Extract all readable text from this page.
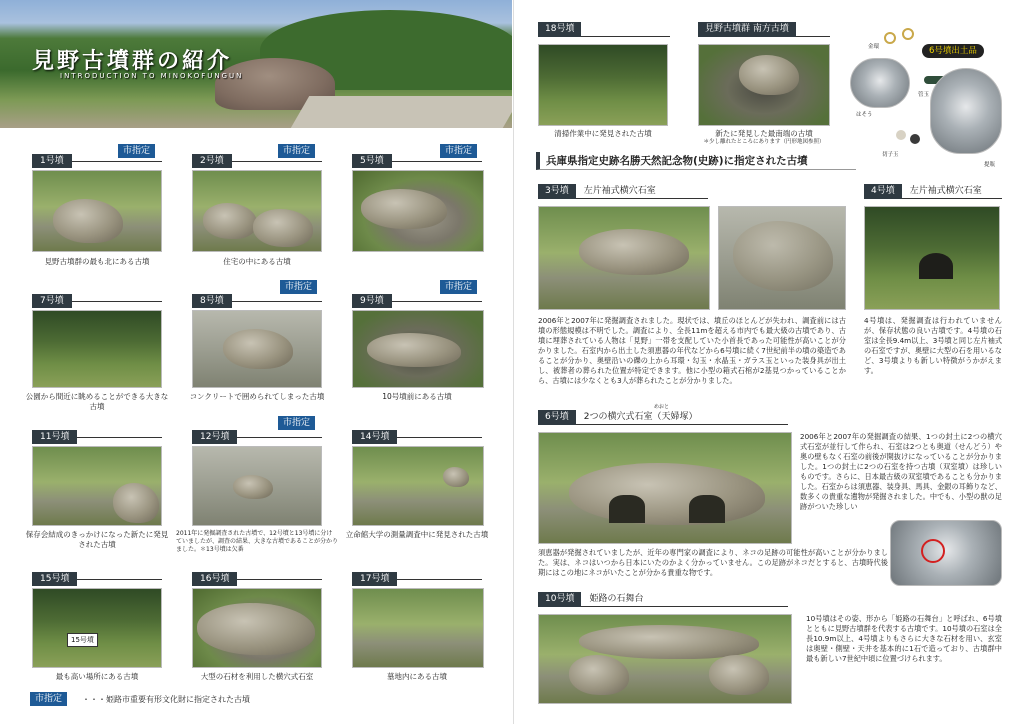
見野古墳群の紹介
INTRODUCTION TO MINOKOFUNGUN
1号墳
市指定
見野古墳群の最も北にある古墳
2号墳
市指定
住宅の中にある古墳
5号墳
市指定
7号墳
公園から間近に眺めることができる大きな古墳
8号墳
市指定
コンクリートで囲められてしまった古墳
9号墳
市指定
10号墳前にある古墳
11号墳
保存会結成のきっかけになった新たに発見された古墳
12号墳
市指定
2011年に発掘調査された古墳で、12号墳と13号墳に分けていましたが、調査の結果、大きな古墳であることが分かりました。＊13号墳は欠番
14号墳
立命館大学の測量調査中に発見された古墳
15号墳
15号墳
最も高い場所にある古墳
16号墳
大型の石材を利用した横穴式石室
17号墳
墓地内にある古墳
市指定	・・・姫路市重要有形文化財に指定された古墳
18号墳
清掃作業中に発見された古墳
見野古墳群 南方古墳
新たに発見した最南端の古墳
＊少し離れたところにあります（円形地図参照）
6号墳出土品
金環
はそう
管玉
切子玉
提瓶
兵庫県指定史跡名勝天然記念物(史跡)に指定された古墳
3号墳 左片袖式横穴石室
2006年と2007年に発掘調査されました。現状では、墳丘のほとんどが失われ、調査前には古墳の形態規模は不明でした。調査により、全長11mを超える市内でも最大級の古墳であり、古墳に埋葬されている人物は「見野」一帯を支配していた小首長であった可能性が高いことが分かりました。石室内から出土した須恵器の年代などから6号墳に続く7世紀前半の墳の築造であることが分かり、奥壁沿いの礫の上から耳環・勾玉・水晶玉・ガラス玉といった装身具が出土し、被葬者の葬られた位置が特定できます。他に小型の箱式石棺が2基見つかっていることから、古墳には少なくとも3人が葬られたことが分かりました。
4号墳 左片袖式横穴石室
4号墳は、発掘調査は行われていませんが、保存状態の良い古墳です。4号墳の石室は全長9.4m以上、3号墳と同じ左片袖式の石室ですが、奥壁に大型の石を用いるなど、3号墳よりも新しい特徴がうかがえます。
めおと
6号墳 2つの横穴式石室（天婦塚）
2006年と2007年の発掘調査の結果、1つの封土に2つの横穴式石室が並行して作られ、石室は2つとも奥道（せんどう）や奥の壁もなく石室の前後が開抜けになっていることが分かりました。1つの封土に2つの石室を持つ古墳（双室墳）は珍しいものです。さらに、日本最古級の双室墳であることも分かりました。石室からは須恵器、装身具、馬具、金銀の耳飾りなど、数多くの貴重な遺物が発掘されました。中でも、小型の獣の足跡がついた珍しい
須恵器が発掘されていましたが、近年の専門家の調査により、ネコの足跡の可能性が高いことが分かりました。実は、ネコはいつから日本にいたのかよく分かっていません。この足跡がネコだとすると、古墳時代後期にはこの地にネコがいたことが分かる貴重な物です。
10号墳 姫路の石舞台
10号墳はその姿、形から「姫路の石舞台」と呼ばれ、6号墳とともに見野古墳群を代表する古墳です。10号墳の石室は全長10.9m以上、4号墳よりもさらに大きな石材を用い、玄室は奥壁・側壁・天井を基本的に1石で造っており、古墳群中最も新しい7世紀中頃に位置づけられます。
